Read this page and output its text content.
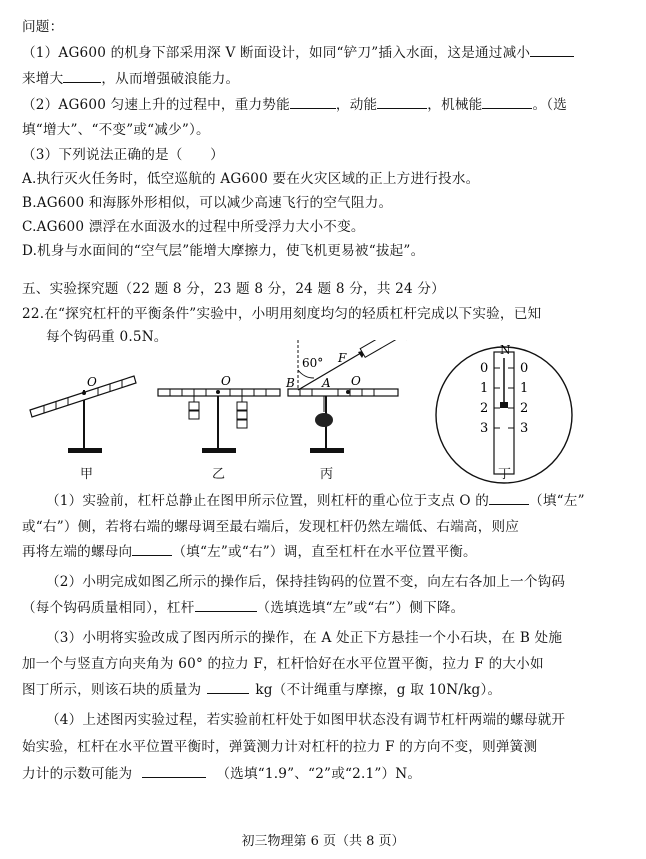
问题：
（1）AG600 的机身下部采用深 V 断面设计，如同“铲刀”插入水面，这是通过减小
来增大	，从而增强破浪能力。
（2）AG600 匀速上升的过程中，重力势能	，动能	，机械能	。（选
填“增大”、“不变”或“减少”）。
（3）下列说法正确的是（　　）
A.执行灭火任务时，低空巡航的 AG600 要在火灾区域的正上方进行投水。
B.AG600 和海豚外形相似，可以减少高速飞行的空气阻力。
C.AG600 漂浮在水面汲水的过程中所受浮力大小不变。
D.机身与水面间的“空气层”能增大摩擦力，使飞机更易被“拔起”。
五、实验探究题（22 题 8 分，23 题 8 分，24 题 8 分，共 24 分）
22.在“探究杠杆的平衡条件”实验中，小明用刻度均匀的轻质杠杆完成以下实验，已知
每个钩码重 0.5N。
O	O	O
A
B
60° F
N
0
1
2
3
0
1
2
3
甲	乙	丙	丁
（1）实验前，杠杆总静止在图甲所示位置，则杠杆的重心位于支点 O 的	（填“左”
或“右”）侧，若将右端的螺母调至最右端后，发现杠杆仍然左端低、右端高，则应
再将左端的螺母向	（填“左”或“右”）调，直至杠杆在水平位置平衡。
（2）小明完成如图乙所示的操作后，保持挂钩码的位置不变，向左右各加上一个钩码
（每个钩码质量相同），杠杆	（选填选填“左”或“右”）侧下降。
（3）小明将实验改成了图丙所示的操作，在 A 处正下方悬挂一个小石块，在 B 处施
加一个与竖直方向夹角为 60° 的拉力 F，杠杆恰好在水平位置平衡，拉力 F 的大小如
图丁所示，则该石块的质量为	kg（不计绳重与摩擦，g 取 10N/kg）。
（4）上述图丙实验过程，若实验前杠杆处于如图甲状态没有调节杠杆两端的螺母就开
始实验，杠杆在水平位置平衡时，弹簧测力计对杠杆的拉力 F 的方向不变，则弹簧测
力计的示数可能为	（选填“1.9”、“2”或“2.1”）N。
初三物理第 6 页（共 8 页）
